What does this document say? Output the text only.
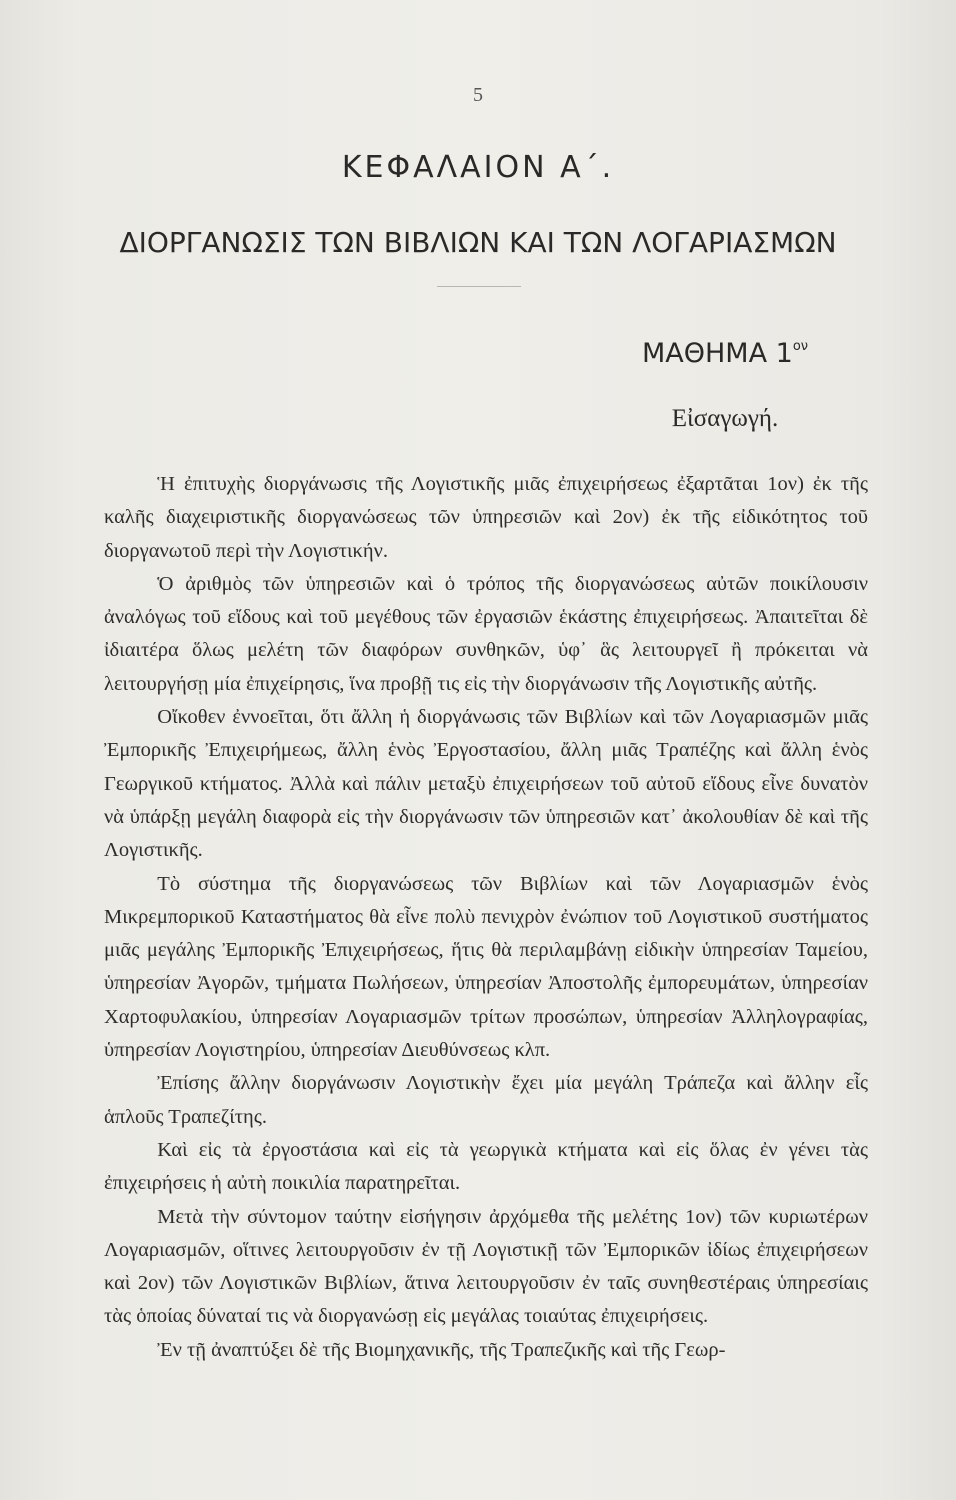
5
ΚΕΦΑΛΑΙΟΝ Α΄.
ΔΙΟΡΓΑΝΩΣΙΣ ΤΩΝ ΒΙΒΛΙΩΝ ΚΑΙ ΤΩΝ ΛΟΓΑΡΙΑΣΜΩΝ
ΜΑΘΗΜΑ $1^{o\nu}$
Εἰσαγωγή.

Ἡ ἐπιτυχὴς διοργάνωσις τῆς Λογιστικῆς μιᾶς ἐπιχειρήσεως ἐξαρτᾶται 1ον) ἐκ τῆς καλῆς διαχειριστικῆς διοργανώσεως τῶν ὑπηρεσιῶν καὶ 2ον) ἐκ τῆς εἰδικότητος τοῦ διοργανωτοῦ περὶ τὴν Λογιστικήν.

Ὁ ἀριθμὸς τῶν ὑπηρεσιῶν καὶ ὁ τρόπος τῆς διοργανώσεως αὐτῶν ποικίλουσιν ἀναλόγως τοῦ εἴδους καὶ τοῦ μεγέθους τῶν ἐργασιῶν ἑκάστης ἐπιχειρήσεως. Ἀπαιτεῖται δὲ ἰδιαιτέρα ὅλως μελέτη τῶν διαφόρων συνθηκῶν, ὑφ᾽ ἃς λειτουργεῖ ἢ πρόκειται νὰ λειτουργήσῃ μία ἐπιχείρησις, ἵνα προβῇ τις εἰς τὴν διοργάνωσιν τῆς Λογιστικῆς αὐτῆς.

Οἴκοθεν ἐννοεῖται, ὅτι ἄλλη ἡ διοργάνωσις τῶν Βιβλίων καὶ τῶν Λογαριασμῶν μιᾶς Ἐμπορικῆς Ἐπιχειρήμεως, ἄλλη ἑνὸς Ἐργοστασίου, ἄλλη μιᾶς Τραπέζης καὶ ἄλλη ἑνὸς Γεωργικοῦ κτήματος. Ἀλλὰ καὶ πάλιν μεταξὺ ἐπιχειρήσεων τοῦ αὐτοῦ εἴδους εἶνε δυνατὸν νὰ ὑπάρξῃ μεγάλη διαφορὰ εἰς τὴν διοργάνωσιν τῶν ὑπηρεσιῶν κατ᾽ ἀκολουθίαν δὲ καὶ τῆς Λογιστικῆς.

Τὸ σύστημα τῆς διοργανώσεως τῶν Βιβλίων καὶ τῶν Λογαριασμῶν ἑνὸς Μικρεμπορικοῦ Καταστήματος θὰ εἶνε πολὺ πενιχρὸν ἐνώπιον τοῦ Λογιστικοῦ συστήματος μιᾶς μεγάλης Ἐμπορικῆς Ἐπιχειρήσεως, ἥτις θὰ περιλαμβάνῃ εἰδικὴν ὑπηρεσίαν Ταμείου, ὑπηρεσίαν Ἀγορῶν, τμήματα Πωλήσεων, ὑπηρεσίαν Ἀποστολῆς ἐμπορευμάτων, ὑπηρεσίαν Χαρτοφυλακίου, ὑπηρεσίαν Λογαριασμῶν τρίτων προσώπων, ὑπηρεσίαν Ἀλληλογραφίας, ὑπηρεσίαν Λογιστηρίου, ὑπηρεσίαν Διευθύνσεως κλπ.

Ἐπίσης ἄλλην διοργάνωσιν Λογιστικὴν ἔχει μία μεγάλη Τράπεζα καὶ ἄλλην εἷς ἁπλοῦς Τραπεζίτης.

Καὶ εἰς τὰ ἐργοστάσια καὶ εἰς τὰ γεωργικὰ κτήματα καὶ εἰς ὅλας ἐν γένει τὰς ἐπιχειρήσεις ἡ αὐτὴ ποικιλία παρατηρεῖται.

Μετὰ τὴν σύντομον ταύτην εἰσήγησιν ἀρχόμεθα τῆς μελέτης 1ον) τῶν κυριωτέρων Λογαριασμῶν, οἵτινες λειτουργοῦσιν ἐν τῇ Λογιστικῇ τῶν Ἐμπορικῶν ἰδίως ἐπιχειρήσεων καὶ 2ον) τῶν Λογιστικῶν Βιβλίων, ἅτινα λειτουργοῦσιν ἐν ταῖς συνηθεστέραις ὑπηρεσίαις τὰς ὁποίας δύναταί τις νὰ διοργανώσῃ εἰς μεγάλας τοιαύτας ἐπιχειρήσεις.

Ἐν τῇ ἀναπτύξει δὲ τῆς Βιομηχανικῆς, τῆς Τραπεζικῆς καὶ τῆς Γεωρ-
